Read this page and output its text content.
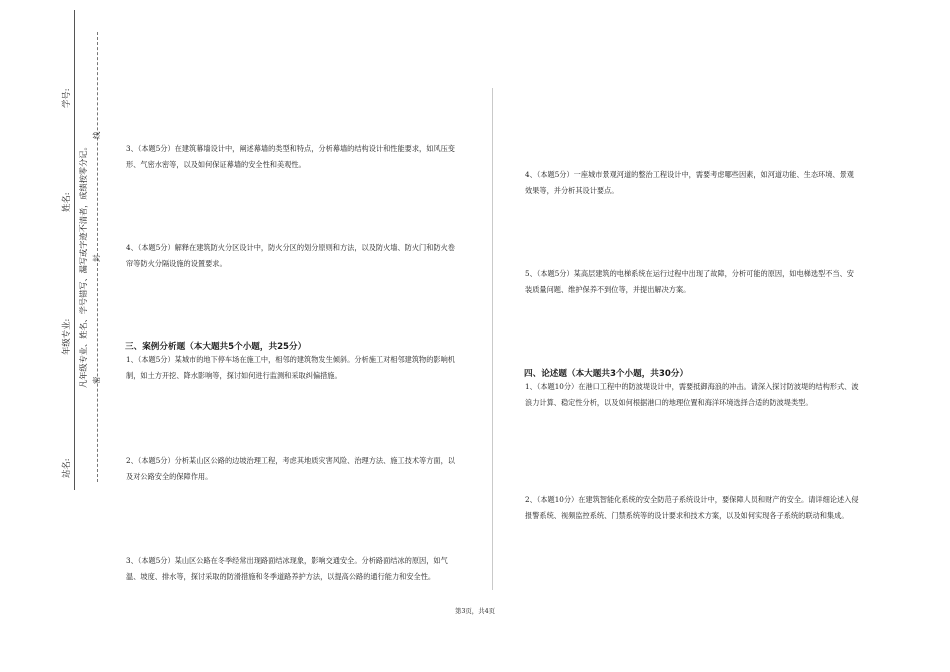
学号:
姓名:
年级专业:
站名:
凡年级专业、姓名、学号错写、漏写或字迹不清者，成绩按零分记。
线
封
密

3、（本题5分）在建筑幕墙设计中，阐述幕墙的类型和特点，分析幕墙的结构设计和性能要求，如风压变形、气密水密等，以及如何保证幕墙的安全性和美观性。

4、（本题5分）解释在建筑防火分区设计中，防火分区的划分原则和方法，以及防火墙、防火门和防火卷帘等防火分隔设施的设置要求。

三、案例分析题（本大题共5个小题，共25分）

1、（本题5分）某城市的地下停车场在施工中，相邻的建筑物发生倾斜。分析施工对相邻建筑物的影响机制，如土方开挖、降水影响等，探讨如何进行监测和采取纠偏措施。

2、（本题5分）分析某山区公路的边坡治理工程，考虑其地质灾害风险、治理方法、施工技术等方面，以及对公路安全的保障作用。

3、（本题5分）某山区公路在冬季经常出现路面结冰现象，影响交通安全。分析路面结冰的原因，如气温、坡度、排水等，探讨采取的防滑措施和冬季道路养护方法，以提高公路的通行能力和安全性。

4、（本题5分）一座城市景观河道的整治工程设计中，需要考虑哪些因素，如河道功能、生态环境、景观效果等，并分析其设计要点。

5、（本题5分）某高层建筑的电梯系统在运行过程中出现了故障，分析可能的原因，如电梯选型不当、安装质量问题、维护保养不到位等，并提出解决方案。

四、论述题（本大题共3个小题，共30分）

1、（本题10分）在港口工程中的防波堤设计中，需要抵御海浪的冲击。请深入探讨防波堤的结构形式、波浪力计算、稳定性分析，以及如何根据港口的地理位置和海洋环境选择合适的防波堤类型。

2、（本题10分）在建筑智能化系统的安全防范子系统设计中，要保障人员和财产的安全。请详细论述入侵报警系统、视频监控系统、门禁系统等的设计要求和技术方案，以及如何实现各子系统的联动和集成。

第3页，共4页
